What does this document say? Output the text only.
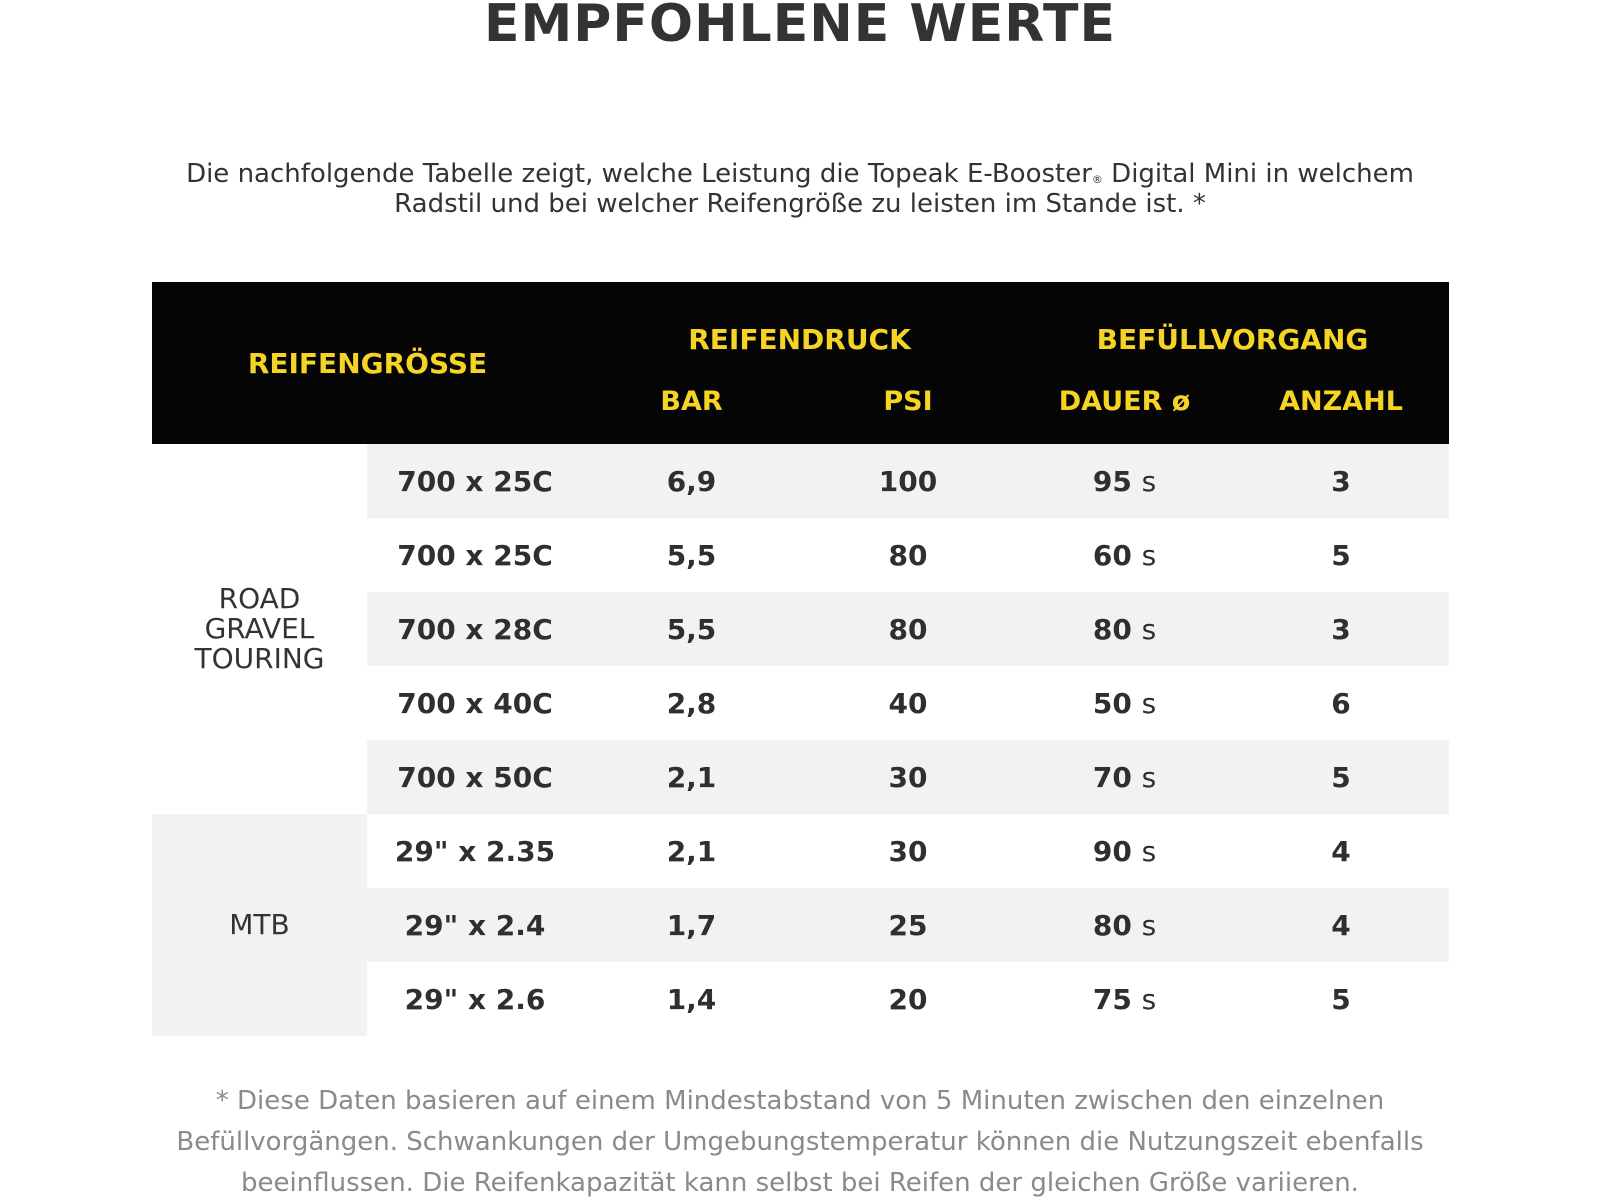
EMPFOHLENE WERTE

Die nachfolgende Tabelle zeigt, welche Leistung die Topeak E-Booster® Digital Mini in welchem Radstil und bei welcher Reifengröße zu leisten im Stande ist. *

REIFENGRÖSSE		REIFENDRUCK		BEFÜLLVORGANG	
		BAR	PSI	DAUER ø	ANZAHL
ROAD
GRAVEL
TOURING	700 x 25C	6,9	100	95 s	3
	700 x 25C	5,5	80	60 s	5
	700 x 28C	5,5	80	80 s	3
	700 x 40C	2,8	40	50 s	6
	700 x 50C	2,1	30	70 s	5
MTB	29" x 2.35	2,1	30	90 s	4
	29" x 2.4	1,7	25	80 s	4
	29" x 2.6	1,4	20	75 s	5

* Diese Daten basieren auf einem Mindestabstand von 5 Minuten zwischen den einzelnen Befüllvorgängen. Schwankungen der Umgebungstemperatur können die Nutzungszeit ebenfalls beeinflussen. Die Reifenkapazität kann selbst bei Reifen der gleichen Größe variieren.
